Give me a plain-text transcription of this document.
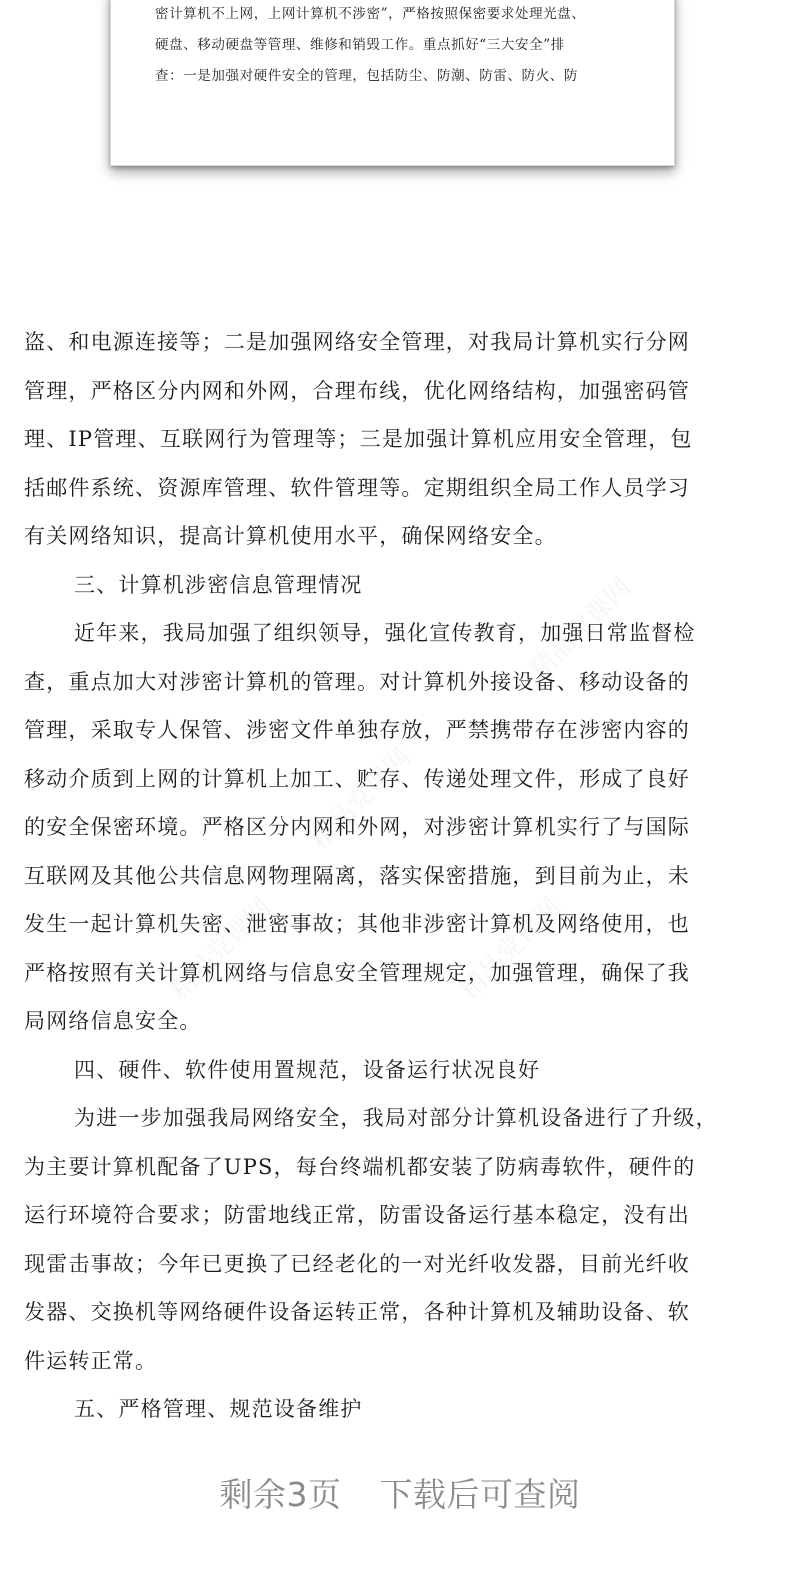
密计算机不上网，上网计算机不涉密”，严格按照保密要求处理光盘、
硬盘、移动硬盘等管理、维修和销毁工作。重点抓好“三大安全”排
查：一是加强对硬件安全的管理，包括防尘、防潮、防雷、防火、防
盗、和电源连接等；二是加强网络安全管理，对我局计算机实行分网
管理，严格区分内网和外网，合理布线，优化网络结构，加强密码管
理、IP管理、互联网行为管理等；三是加强计算机应用安全管理，包
括邮件系统、资源库管理、软件管理等。定期组织全局工作人员学习
有关网络知识，提高计算机使用水平，确保网络安全。
三、计算机涉密信息管理情况
近年来，我局加强了组织领导，强化宣传教育，加强日常监督检
查，重点加大对涉密计算机的管理。对计算机外接设备、移动设备的
管理，采取专人保管、涉密文件单独存放，严禁携带存在涉密内容的
移动介质到上网的计算机上加工、贮存、传递处理文件，形成了良好
的安全保密环境。严格区分内网和外网，对涉密计算机实行了与国际
互联网及其他公共信息网物理隔离，落实保密措施，到目前为止，未
发生一起计算机失密、泄密事故；其他非涉密计算机及网络使用，也
严格按照有关计算机网络与信息安全管理规定，加强管理，确保了我
局网络信息安全。
四、硬件、软件使用置规范，设备运行状况良好
为进一步加强我局网络安全，我局对部分计算机设备进行了升级，
为主要计算机配备了UPS，每台终端机都安装了防病毒软件，硬件的
运行环境符合要求；防雷地线正常，防雷设备运行基本稳定，没有出
现雷击事故；今年已更换了已经老化的一对光纤收发器，目前光纤收
发器、交换机等网络硬件设备运转正常，各种计算机及辅助设备、软
件运转正常。
五、严格管理、规范设备维护
剩余3页 下载后可查阅
